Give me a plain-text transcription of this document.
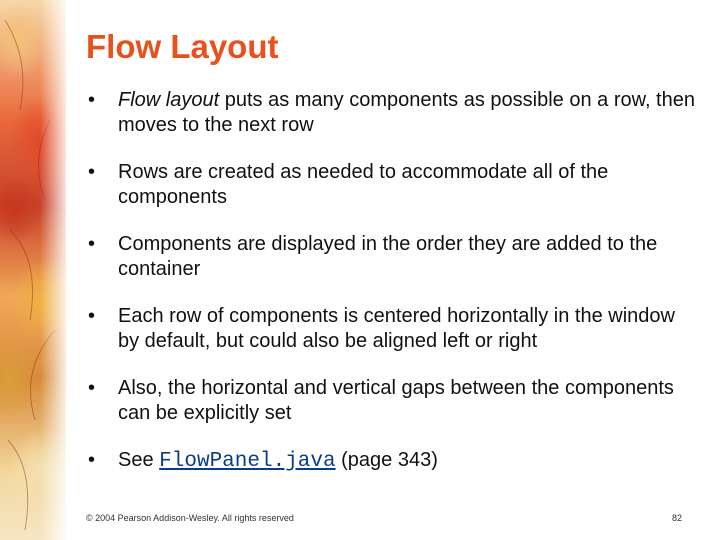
Flow Layout
• Flow layout puts as many components as possible on a row, then moves to the next row
• Rows are created as needed to accommodate all of the components
• Components are displayed in the order they are added to the container
• Each row of components is centered horizontally in the window by default, but could also be aligned left or right
• Also, the horizontal and vertical gaps between the components can be explicitly set
• See FlowPanel.java (page 343)
© 2004 Pearson Addison-Wesley. All rights reserved	82
